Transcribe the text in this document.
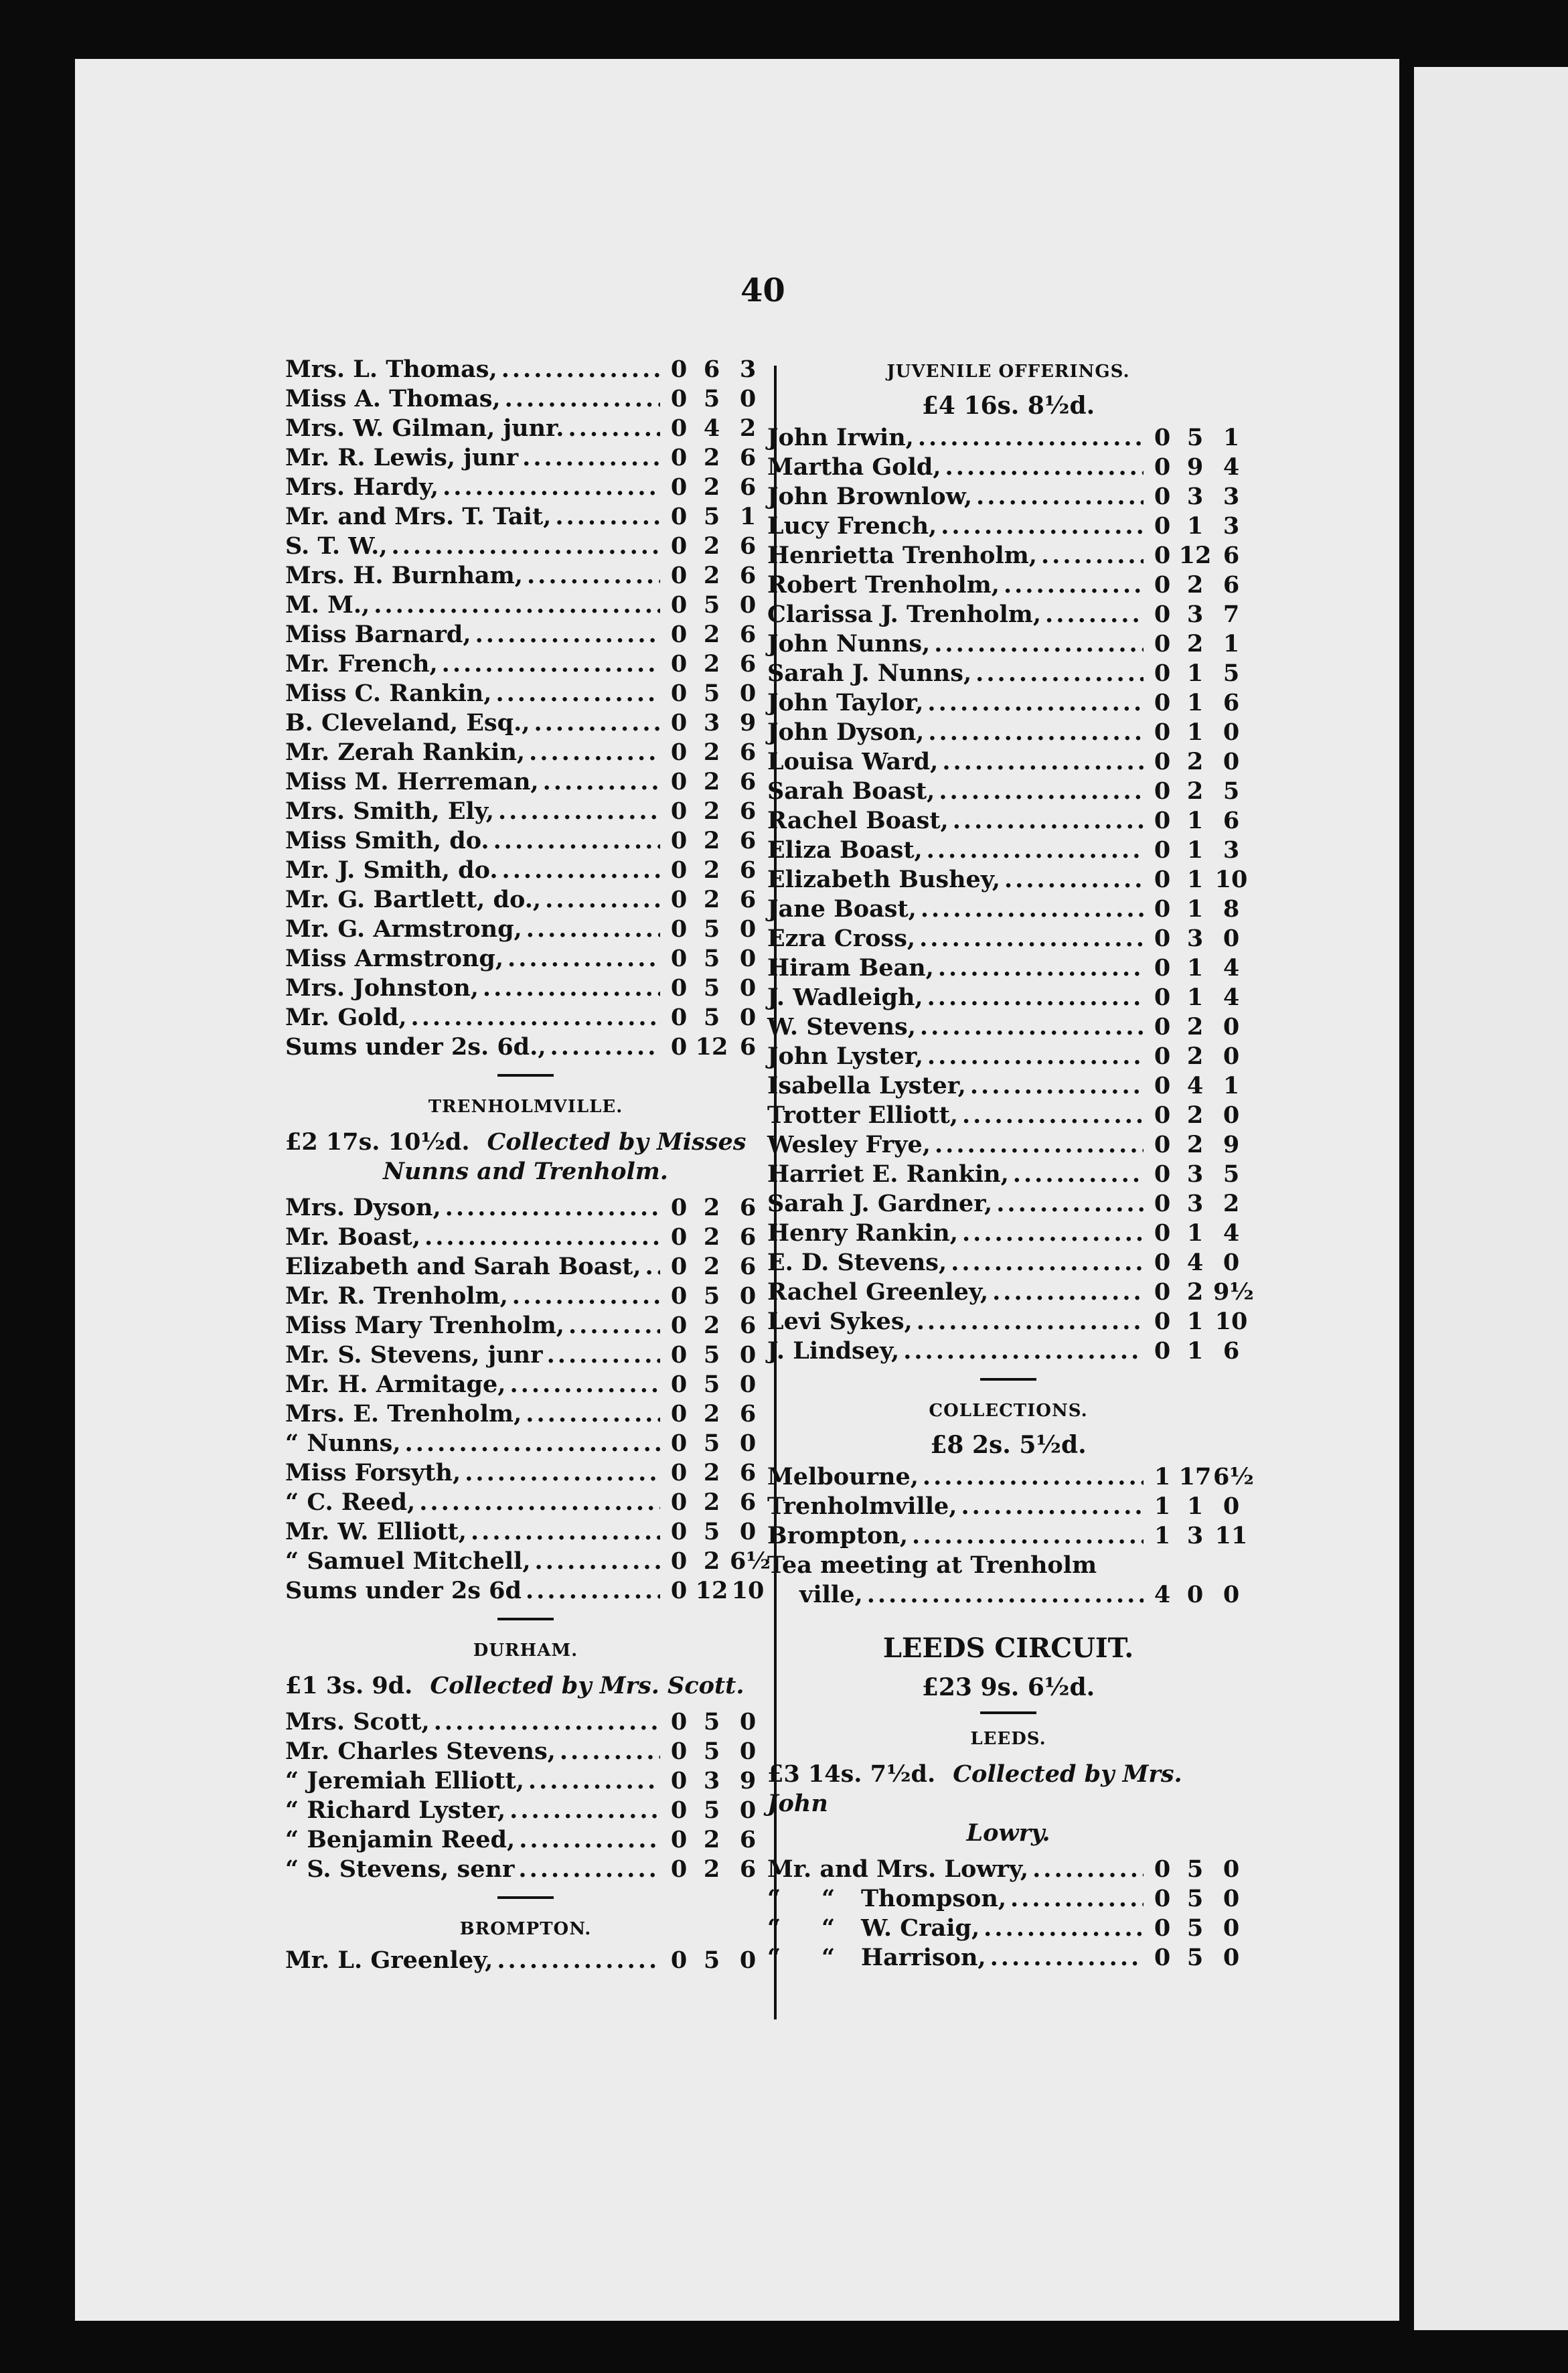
40
Mrs. L. Thomas, .....	0 6 3
Miss A. Thomas, .....	0 5 0
Mrs. W. Gilman, junr. .....	0 4 2
Mr. R. Lewis, junr .....	0 2 6
Mrs. Hardy, .....	0 2 6
Mr. and Mrs. T. Tait, .....	0 5 1
S. T. W., .....	0 2 6
Mrs. H. Burnham, .....	0 2 6
M. M., .....	0 5 0
Miss Barnard, .....	0 2 6
Mr. French, .....	0 2 6
Miss C. Rankin, .....	0 5 0
B. Cleveland, Esq., .....	0 3 9
Mr. Zerah Rankin, .....	0 2 6
Miss M. Herreman, .....	0 2 6
Mrs. Smith, Ely, .....	0 2 6
Miss Smith, do. .....	0 2 6
Mr. J. Smith, do. .....	0 2 6
Mr. G. Bartlett, do., .....	0 2 6
Mr. G. Armstrong, .....	0 5 0
Miss Armstrong, .....	0 5 0
Mrs. Johnston, .....	0 5 0
Mr. Gold, .....	0 5 0
Sums under 2s. 6d., .....	0 12 6
TRENHOLMVILLE.
£2 17s. 10½d. Collected by Misses
Nunns and Trenholm.
Mrs. Dyson, .....	0 2 6
Mr. Boast, .....	0 2 6
Elizabeth and Sarah Boast, ..... 0 2 6
Mr. R. Trenholm, .....	0 5 0
Miss Mary Trenholm, .....	0 2 6
Mr. S. Stevens, junr .....	0 5 0
Mr. H. Armitage, .....	0 5 0
Mrs. E. Trenholm, .....	0 2 6
“ Nunns, .....	0 5 0
Miss Forsyth, .....	0 2 6
“ C. Reed, .....	0 2 6
Mr. W. Elliott, .....	0 5 0
“ Samuel Mitchell, .....	0 2 6½
Sums under 2s 6d .....	0 12 10
DURHAM.
£1 3s. 9d. Collected by Mrs. Scott.
Mrs. Scott, .....	0 5 0
Mr. Charles Stevens, .....	0 5 0
“ Jeremiah Elliott, .....	0 3 9
“ Richard Lyster, .....	0 5 0
“ Benjamin Reed, .....	0 2 6
“ S. Stevens, senr .....	0 2 6
BROMPTON.
Mr. L. Greenley, .....	0 5 0
JUVENILE OFFERINGS.
£4 16s. 8½d.
John Irwin, .....	0 5 1
Martha Gold, .....	0 9 4
John Brownlow, .....	0 3 3
Lucy French, .....	0 1 3
Henrietta Trenholm, .....	0 12 6
Robert Trenholm, .....	0 2 6
Clarissa J. Trenholm, .....	0 3 7
John Nunns, .....	0 2 1
Sarah J. Nunns, .....	0 1 5
John Taylor, .....	0 1 6
John Dyson, .....	0 1 0
Louisa Ward, .....	0 2 0
Sarah Boast, .....	0 2 5
Rachel Boast, .....	0 1 6
Eliza Boast, .....	0 1 3
Elizabeth Bushey, .....	0 1 10
Jane Boast, .....	0 1 8
Ezra Cross, .....	0 3 0
Hiram Bean, .....	0 1 4
J. Wadleigh, .....	0 1 4
W. Stevens, .....	0 2 0
John Lyster, .....	0 2 0
Isabella Lyster, .....	0 4 1
Trotter Elliott, .....	0 2 0
Wesley Frye, .....	0 2 9
Harriet E. Rankin, .....	0 3 5
Sarah J. Gardner, .....	0 3 2
Henry Rankin, .....	0 1 4
E. D. Stevens, .....	0 4 0
Rachel Greenley, .....	0 2 9½
Levi Sykes, .....	0 1 10
J. Lindsey, .....	0 1 6
COLLECTIONS.
£8 2s. 5½d.
Melbourne, .....	1 17 6½
Trenholmville, .....	1 1 0
Brompton, .....	1 3 11
Tea meeting at Trenholm
ville, .....	4 0 0
LEEDS CIRCUIT.
£23 9s. 6½d.
LEEDS.
£3 14s. 7½d. Collected by Mrs. John
Lowry.
Mr. and Mrs. Lowry, .....	0 5 0
“     “	Thompson, .....	0 5 0
“     “	W. Craig, .....	0 5 0
“     “	Harrison, .....	0 5 0
